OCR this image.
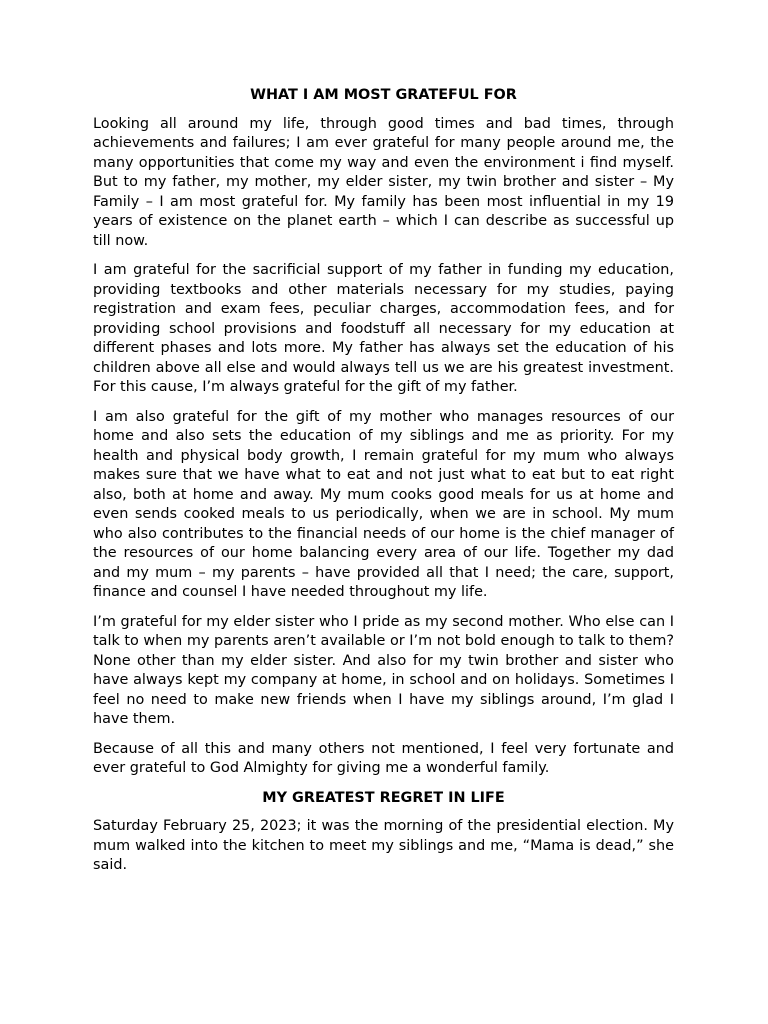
WHAT I AM MOST GRATEFUL FOR

Looking all around my life, through good times and bad times, through achievements and failures; I am ever grateful for many people around me, the many opportunities that come my way and even the environment i find myself. But to my father, my mother, my elder sister, my twin brother and sister – My Family – I am most grateful for. My family has been most influential in my 19 years of existence on the planet earth – which I can describe as successful up till now.

I am grateful for the sacrificial support of my father in funding my education, providing textbooks and other materials necessary for my studies, paying registration and exam fees, peculiar charges, accommodation fees, and for providing school provisions and foodstuff all necessary for my education at different phases and lots more. My father has always set the education of his children above all else and would always tell us we are his greatest investment. For this cause, I’m always grateful for the gift of my father.

I am also grateful for the gift of my mother who manages resources of our home and also sets the education of my siblings and me as priority. For my health and physical body growth, I remain grateful for my mum who always makes sure that we have what to eat and not just what to eat but to eat right also, both at home and away. My mum cooks good meals for us at home and even sends cooked meals to us periodically, when we are in school. My mum who also contributes to the financial needs of our home is the chief manager of the resources of our home balancing every area of our life. Together my dad and my mum – my parents – have provided all that I need; the care, support, finance and counsel I have needed throughout my life.

I’m grateful for my elder sister who I pride as my second mother. Who else can I talk to when my parents aren’t available or I’m not bold enough to talk to them? None other than my elder sister. And also for my twin brother and sister who have always kept my company at home, in school and on holidays. Sometimes I feel no need to make new friends when I have my siblings around, I’m glad I have them.

Because of all this and many others not mentioned, I feel very fortunate and ever grateful to God Almighty for giving me a wonderful family.

MY GREATEST REGRET IN LIFE

Saturday February 25, 2023; it was the morning of the presidential election. My mum walked into the kitchen to meet my siblings and me, “Mama is dead,” she said.
